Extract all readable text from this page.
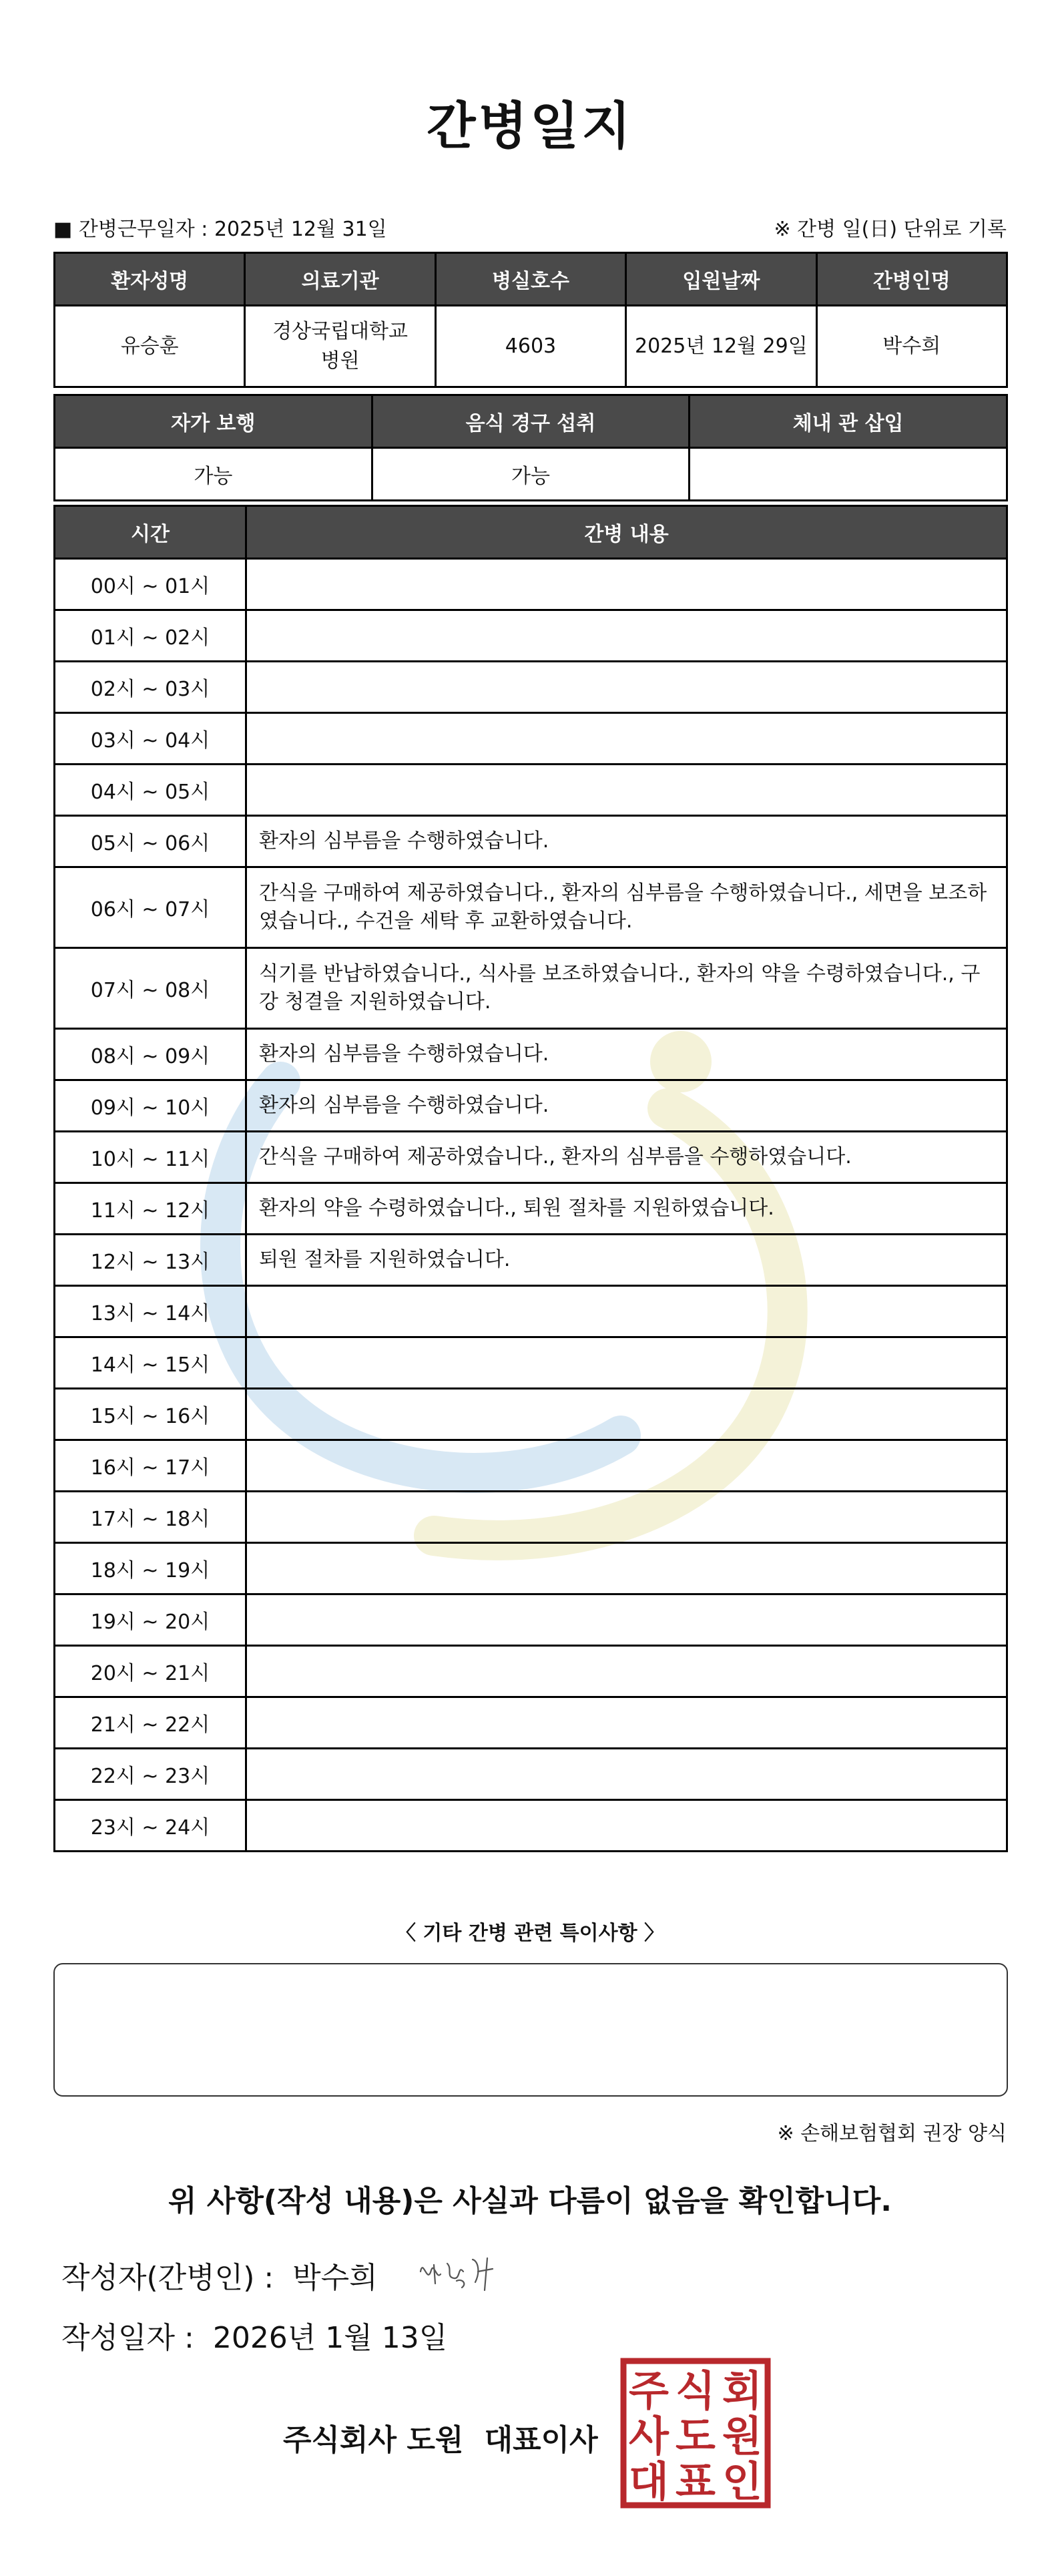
간병일지
■ 간병근무일자 : 2025년 12월 31일	※ 간병 일(日) 단위로 기록
환자성명	의료기관	병실호수	입원날짜	간병인명
유승훈	경상국립대학교병원	4603	2025년 12월 29일	박수희
자가 보행	음식 경구 섭취	체내 관 삽입
가능	가능	
시간	간병 내용
00시 ~ 01시	
01시 ~ 02시	
02시 ~ 03시	
03시 ~ 04시	
04시 ~ 05시	
05시 ~ 06시	환자의 심부름을 수행하였습니다.
06시 ~ 07시	간식을 구매하여 제공하였습니다., 환자의 심부름을 수행하였습니다., 세면을 보조하였습니다., 수건을 세탁 후 교환하였습니다.
07시 ~ 08시	식기를 반납하였습니다., 식사를 보조하였습니다., 환자의 약을 수령하였습니다., 구강 청결을 지원하였습니다.
08시 ~ 09시	환자의 심부름을 수행하였습니다.
09시 ~ 10시	환자의 심부름을 수행하였습니다.
10시 ~ 11시	간식을 구매하여 제공하였습니다., 환자의 심부름을 수행하였습니다.
11시 ~ 12시	환자의 약을 수령하였습니다., 퇴원 절차를 지원하였습니다.
12시 ~ 13시	퇴원 절차를 지원하였습니다.
13시 ~ 14시	
14시 ~ 15시	
15시 ~ 16시	
16시 ~ 17시	
17시 ~ 18시	
18시 ~ 19시	
19시 ~ 20시	
20시 ~ 21시	
21시 ~ 22시	
22시 ~ 23시	
23시 ~ 24시	
〈 기타 간병 관련 특이사항 〉
※ 손해보험협회 권장 양식
위 사항(작성 내용)은 사실과 다름이 없음을 확인합니다.
작성자(간병인) : 박수희
작성일자 : 2026년 1월 13일
주식회사 도원 대표이사
주 식 회
사 도 원
대 표 인
